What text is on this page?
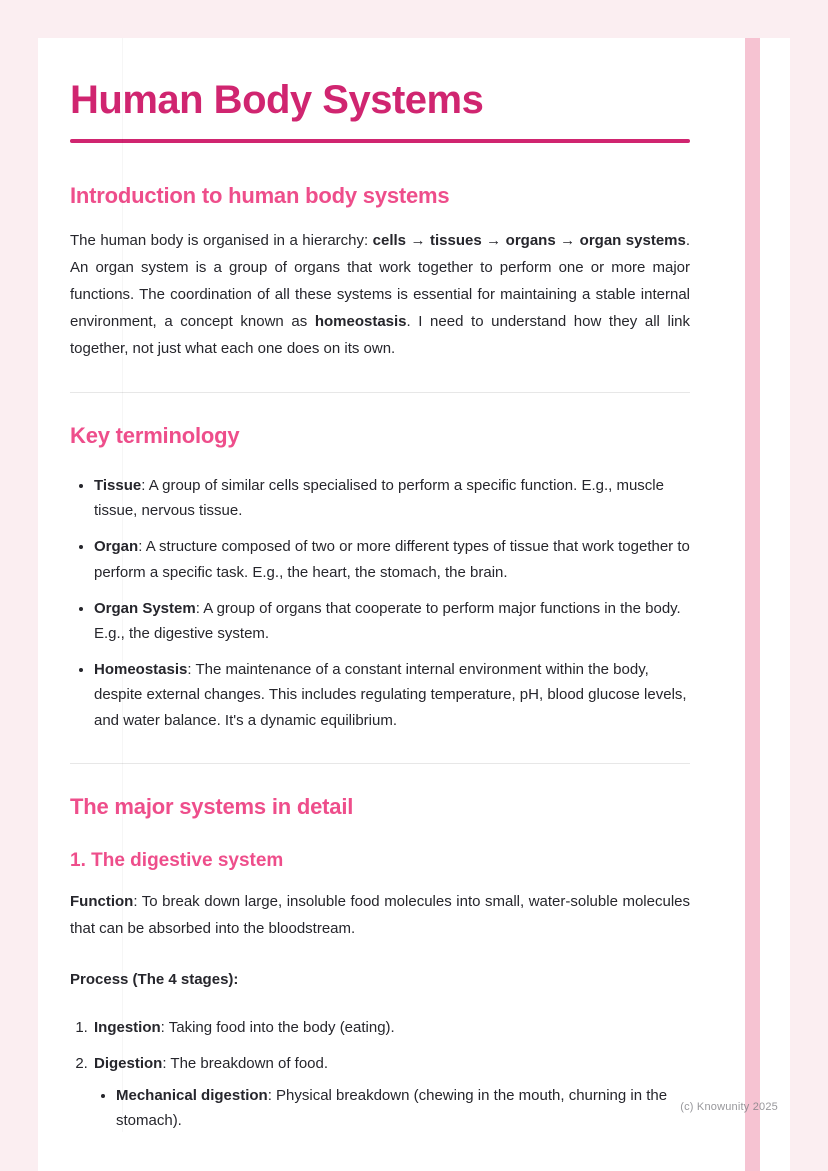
Human Body Systems
Introduction to human body systems

The human body is organised in a hierarchy: cells → tissues → organs → organ systems. An organ system is a group of organs that work together to perform one or more major functions. The coordination of all these systems is essential for maintaining a stable internal environment, a concept known as homeostasis. I need to understand how they all link together, not just what each one does on its own.

Key terminology
• Tissue: A group of similar cells specialised to perform a specific function. E.g., muscle tissue, nervous tissue.
• Organ: A structure composed of two or more different types of tissue that work together to perform a specific task. E.g., the heart, the stomach, the brain.
• Organ System: A group of organs that cooperate to perform major functions in the body. E.g., the digestive system.
• Homeostasis: The maintenance of a constant internal environment within the body, despite external changes. This includes regulating temperature, pH, blood glucose levels, and water balance. It's a dynamic equilibrium.
The major systems in detail
1. The digestive system

Function: To break down large, insoluble food molecules into small, water-soluble molecules that can be absorbed into the bloodstream.

Process (The 4 stages):

1. Ingestion: Taking food into the body (eating).
2. Digestion: The breakdown of food.
• Mechanical digestion: Physical breakdown (chewing in the mouth, churning in the stomach).
(c) Knowunity 2025
